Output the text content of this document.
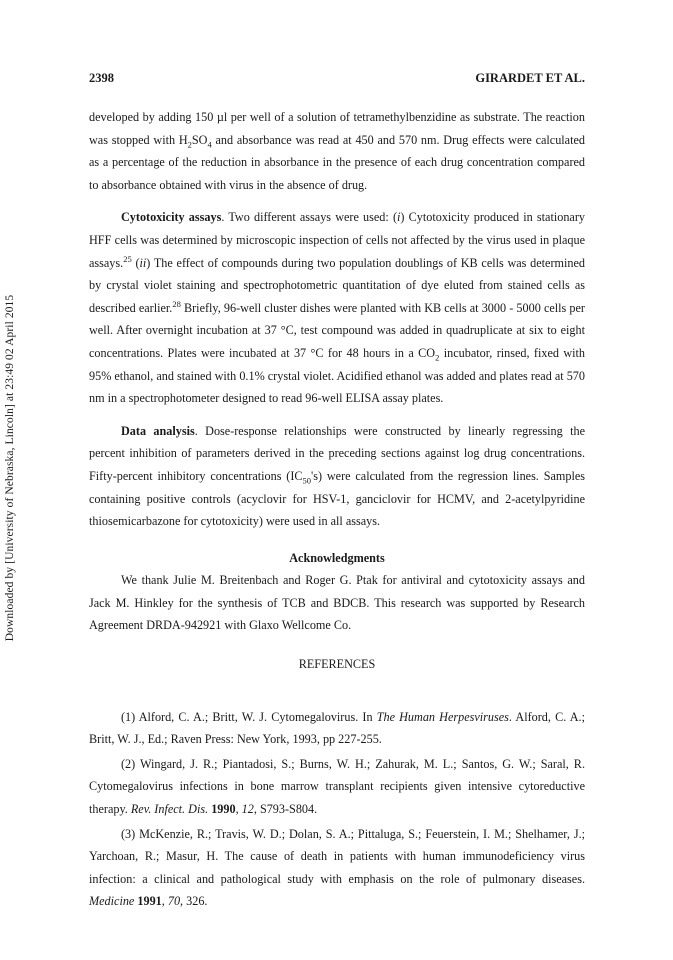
Downloaded by [University of Nebraska, Lincoln] at 23:49 02 April 2015
2398	GIRARDET ET AL.

developed by adding 150 µl per well of a solution of tetramethylbenzidine as substrate. The reaction was stopped with $H_2SO_4$ and absorbance was read at 450 and 570 nm. Drug effects were calculated as a percentage of the reduction in absorbance in the presence of each drug concentration compared to absorbance obtained with virus in the absence of drug.

Cytotoxicity assays. Two different assays were used: (i) Cytotoxicity produced in stationary HFF cells was determined by microscopic inspection of cells not affected by the virus used in plaque assays.$^{25}$ (ii) The effect of compounds during two population doublings of KB cells was determined by crystal violet staining and spectrophotometric quantitation of dye eluted from stained cells as described earlier.$^{28}$ Briefly, 96-well cluster dishes were planted with KB cells at 3000 - 5000 cells per well. After overnight incubation at 37 °C, test compound was added in quadruplicate at six to eight concentrations. Plates were incubated at 37 °C for 48 hours in a $CO_2$ incubator, rinsed, fixed with 95% ethanol, and stained with 0.1% crystal violet. Acidified ethanol was added and plates read at 570 nm in a spectrophotometer designed to read 96-well ELISA assay plates.

Data analysis. Dose-response relationships were constructed by linearly regressing the percent inhibition of parameters derived in the preceding sections against log drug concentrations. Fifty-percent inhibitory concentrations $(IC_{50}'s)$ were calculated from the regression lines. Samples containing positive controls (acyclovir for HSV-1, ganciclovir for HCMV, and 2-acetylpyridine thiosemicarbazone for cytotoxicity) were used in all assays.

Acknowledgments

We thank Julie M. Breitenbach and Roger G. Ptak for antiviral and cytotoxicity assays and Jack M. Hinkley for the synthesis of TCB and BDCB. This research was supported by Research Agreement DRDA-942921 with Glaxo Wellcome Co.

REFERENCES

(1) Alford, C. A.; Britt, W. J. Cytomegalovirus. In The Human Herpesviruses. Alford, C. A.; Britt, W. J., Ed.; Raven Press: New York, 1993, pp 227-255.

(2) Wingard, J. R.; Piantadosi, S.; Burns, W. H.; Zahurak, M. L.; Santos, G. W.; Saral, R. Cytomegalovirus infections in bone marrow transplant recipients given intensive cytoreductive therapy. Rev. Infect. Dis. 1990, 12, S793-S804.

(3) McKenzie, R.; Travis, W. D.; Dolan, S. A.; Pittaluga, S.; Feuerstein, I. M.; Shelhamer, J.; Yarchoan, R.; Masur, H. The cause of death in patients with human immunodeficiency virus infection: a clinical and pathological study with emphasis on the role of pulmonary diseases. Medicine 1991, 70, 326.
